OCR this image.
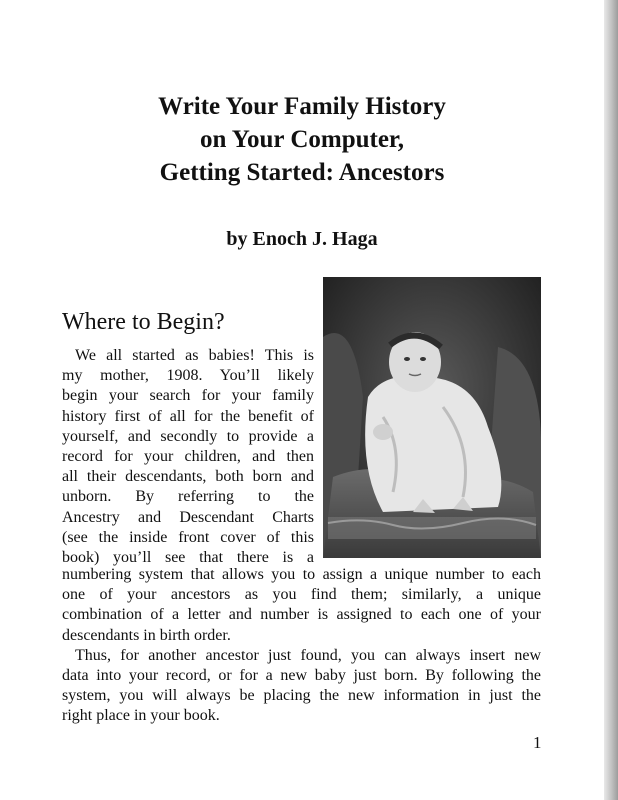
Write Your Family History
on Your Computer,
Getting Started: Ancestors
by Enoch J. Haga
Where to Begin?

We all started as babies! This is
my mother, 1908. You’ll likely
begin your search for your family
history first of all for the benefit of
yourself, and secondly to provide a
record for your children, and then
all their descendants, both born and
unborn. By referring to the
Ancestry and Descendant Charts
(see the inside front cover of this
book) you’ll see that there is a

numbering system that allows you to assign a unique number to each
one of your ancestors as you find them; similarly, a unique
combination of a letter and number is assigned to each one of your
descendants in birth order.

Thus, for another ancestor just found, you can always insert new
data into your record, or for a new baby just born. By following the
system, you will always be placing the new information in just the
right place in your book.

1
